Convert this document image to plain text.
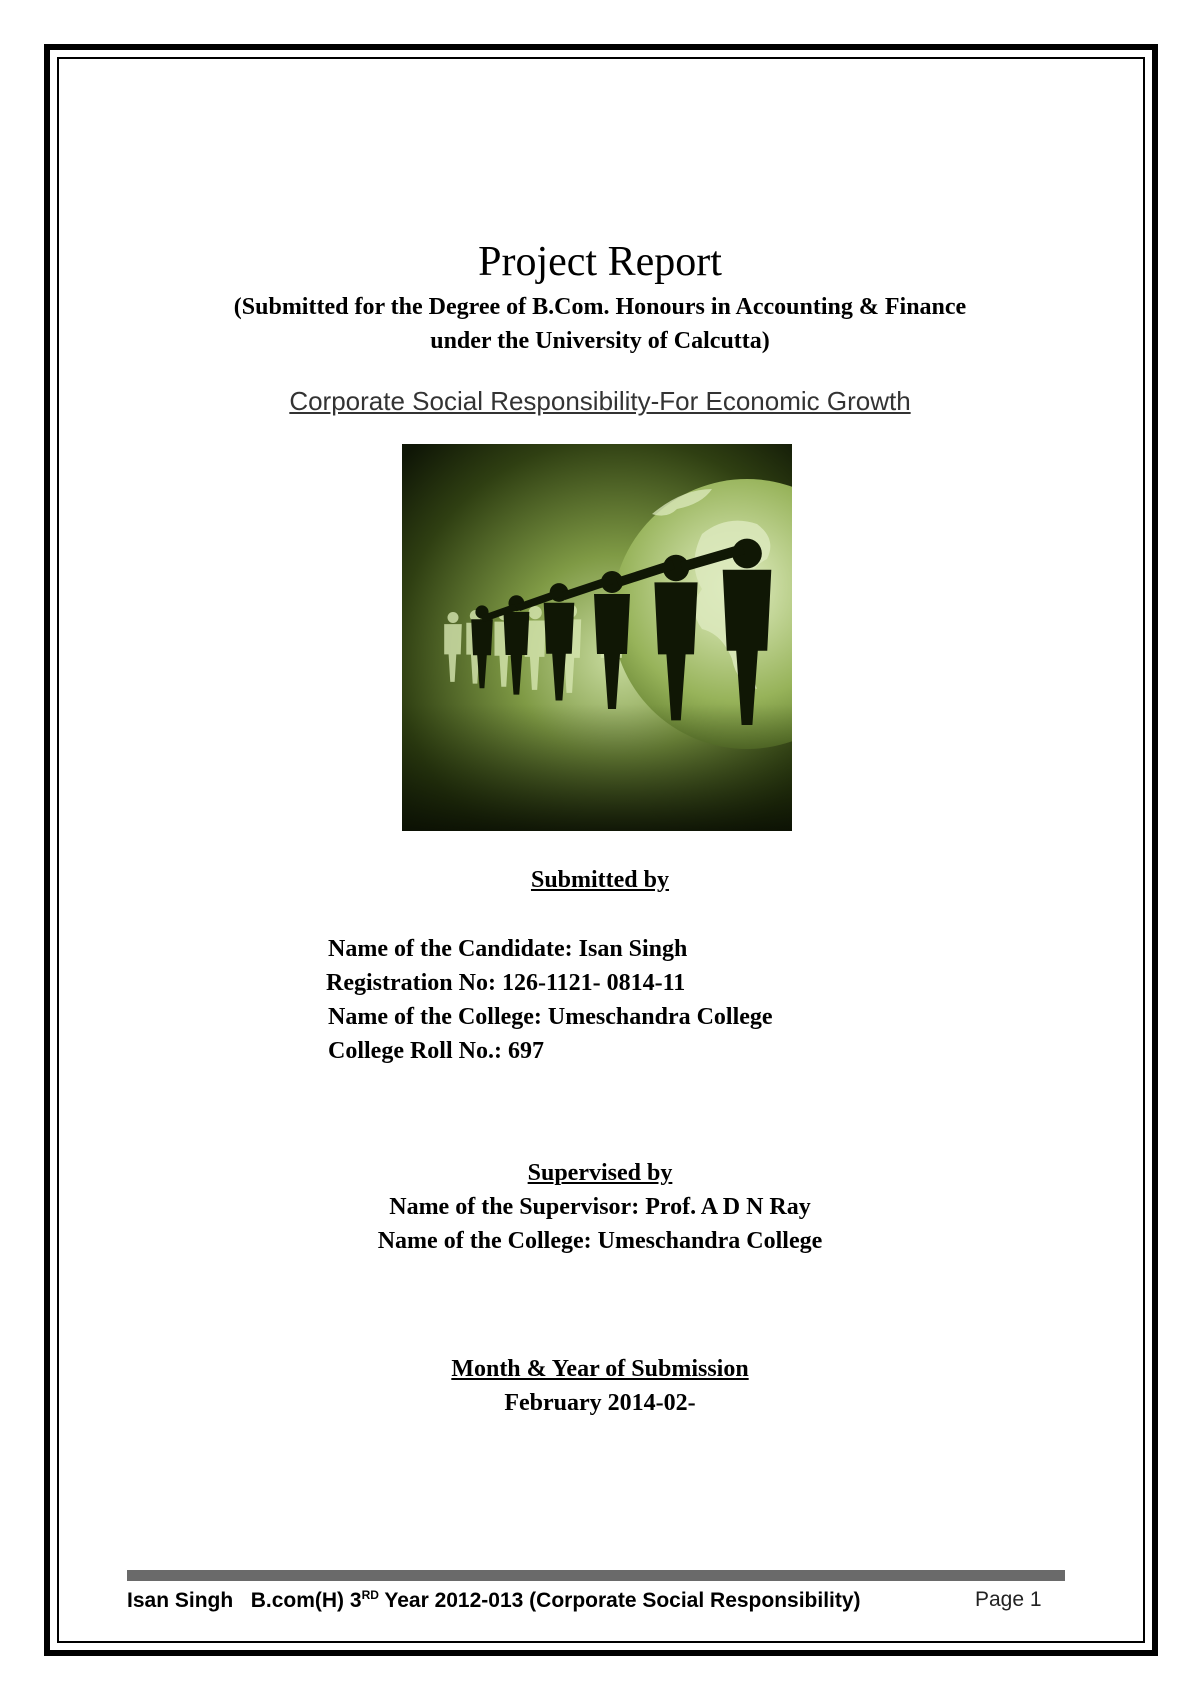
Project Report
(Submitted for the Degree of B.Com. Honours in Accounting & Finance
under the University of Calcutta)
Corporate Social Responsibility-For Economic Growth
Submitted by
Name of the Candidate: Isan Singh
Registration No: 126-1121- 0814-11
Name of the College: Umeschandra College
College Roll No.: 697
Supervised by
Name of the Supervisor: Prof. A D N Ray
Name of the College: Umeschandra College
Month & Year of Submission
February 2014-02-
Isan Singh B.com(H) 3RD Year 2012-013 (Corporate Social Responsibility)	Page 1
